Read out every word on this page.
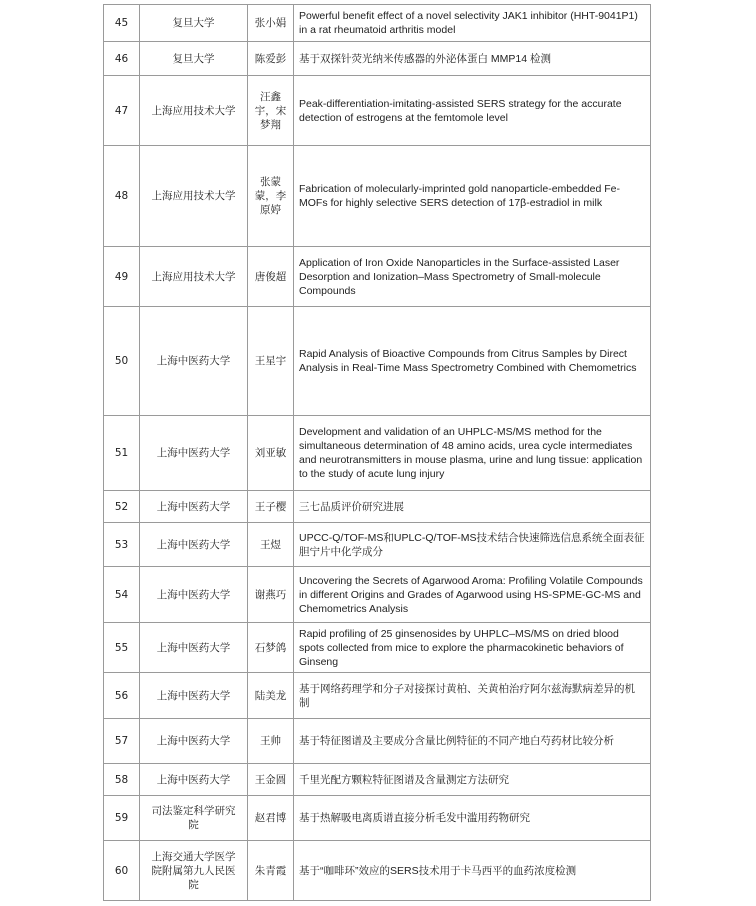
45	复旦大学	张小娟	Powerful benefit effect of a novel selectivity JAK1 inhibitor (HHT-9041P1) in a rat rheumatoid arthritis model
46	复旦大学	陈爱彭	基于双探针荧光纳米传感器的外泌体蛋白 MMP14 检测
47	上海应用技术大学	汪鑫宇，宋梦翔	Peak-differentiation-imitating-assisted SERS strategy for the accurate detection of estrogens at the femtomole level
48	上海应用技术大学	张蒙蒙，李原婷	Fabrication of molecularly-imprinted gold nanoparticle-embedded Fe-MOFs for highly selective SERS detection of 17β-estradiol in milk
49	上海应用技术大学	唐俊超	Application of Iron Oxide Nanoparticles in the Surface-assisted Laser Desorption and Ionization–Mass Spectrometry of Small-molecule Compounds
50	上海中医药大学	王星宇	Rapid Analysis of Bioactive Compounds from Citrus Samples by Direct Analysis in Real-Time Mass Spectrometry Combined with Chemometrics
51	上海中医药大学	刘亚敏	Development and validation of an UHPLC-MS/MS method for the simultaneous determination of 48 amino acids, urea cycle intermediates and neurotransmitters in mouse plasma, urine and lung tissue: application to the study of acute lung injury
52	上海中医药大学	王子樱	三七品质评价研究进展
53	上海中医药大学	王煜	UPCC-Q/TOF-MS和UPLC-Q/TOF-MS技术结合快速筛选信息系统全面表征胆宁片中化学成分
54	上海中医药大学	谢燕巧	Uncovering the Secrets of Agarwood Aroma: Profiling Volatile Compounds in different Origins and Grades of Agarwood using HS-SPME-GC-MS and Chemometrics Analysis
55	上海中医药大学	石梦鸽	Rapid profiling of 25 ginsenosides by UHPLC–MS/MS on dried blood spots collected from mice to explore the pharmacokinetic behaviors of Ginseng
56	上海中医药大学	陆美龙	基于网络药理学和分子对接探讨黄柏、关黄柏治疗阿尔兹海默病差异的机制
57	上海中医药大学	王帅	基于特征图谱及主要成分含量比例特征的不同产地白芍药材比较分析
58	上海中医药大学	王金圆	千里光配方颗粒特征图谱及含量测定方法研究
59	司法鉴定科学研究院	赵君博	基于热解吸电离质谱直接分析毛发中滥用药物研究
60	上海交通大学医学院附属第九人民医院	朱青霞	基于“咖啡环”效应的SERS技术用于卡马西平的血药浓度检测
